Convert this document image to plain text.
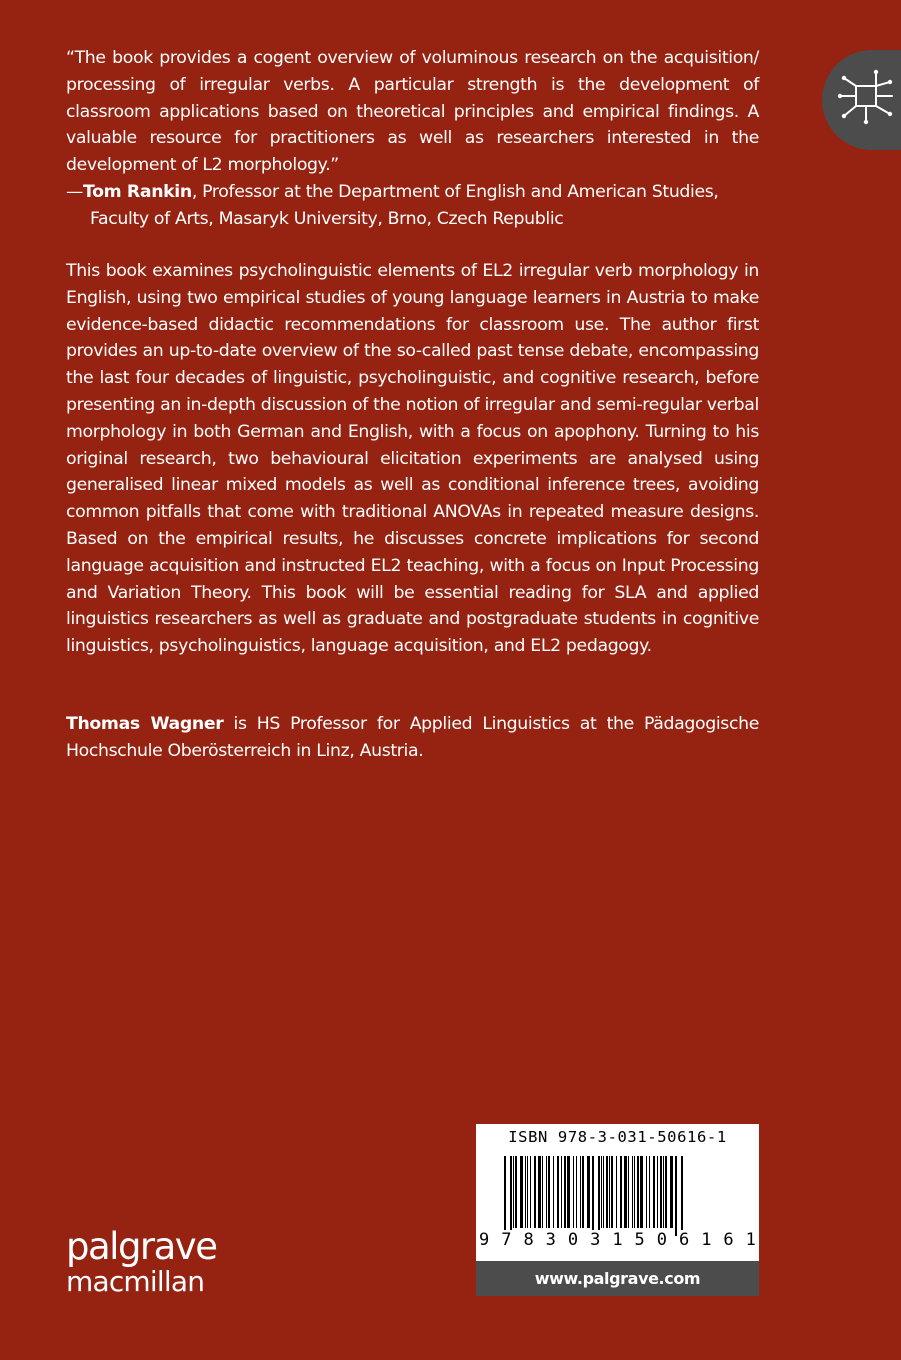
“The book provides a cogent overview of voluminous research on the acquisition/ processing of irregular verbs. A particular strength is the development of classroom applications based on theoretical principles and empirical findings. A valuable resource for practitioners as well as researchers interested in the development of L2 morphology.”

—Tom Rankin, Professor at the Department of English and American Studies, Faculty of Arts, Masaryk University, Brno, Czech Republic

This book examines psycholinguistic elements of EL2 irregular verb morphology in English, using two empirical studies of young language learners in Austria to make evidence-based didactic recommendations for classroom use. The author first provides an up-to-date overview of the so-called past tense debate, encompassing the last four decades of linguistic, psycholinguistic, and cognitive research, before presenting an in-depth discussion of the notion of irregular and semi-regular verbal morphology in both German and English, with a focus on apophony. Turning to his original research, two behavioural elicitation experiments are analysed using generalised linear mixed models as well as conditional inference trees, avoiding common pitfalls that come with traditional ANOVAs in repeated measure designs. Based on the empirical results, he discusses concrete implications for second language acquisition and instructed EL2 teaching, with a focus on Input Processing and Variation Theory. This book will be essential reading for SLA and applied linguistics researchers as well as graduate and postgraduate students in cognitive linguistics, psycholinguistics, language acquisition, and EL2 pedagogy.

Thomas Wagner is HS Professor for Applied Linguistics at the Pädagogische Hochschule Oberösterreich in Linz, Austria.

palgrave
macmillan
ISBN 978-3-031-50616-1
9 7 8 3 0 3 1 5 0 6 1 6 1
www.palgrave.com
